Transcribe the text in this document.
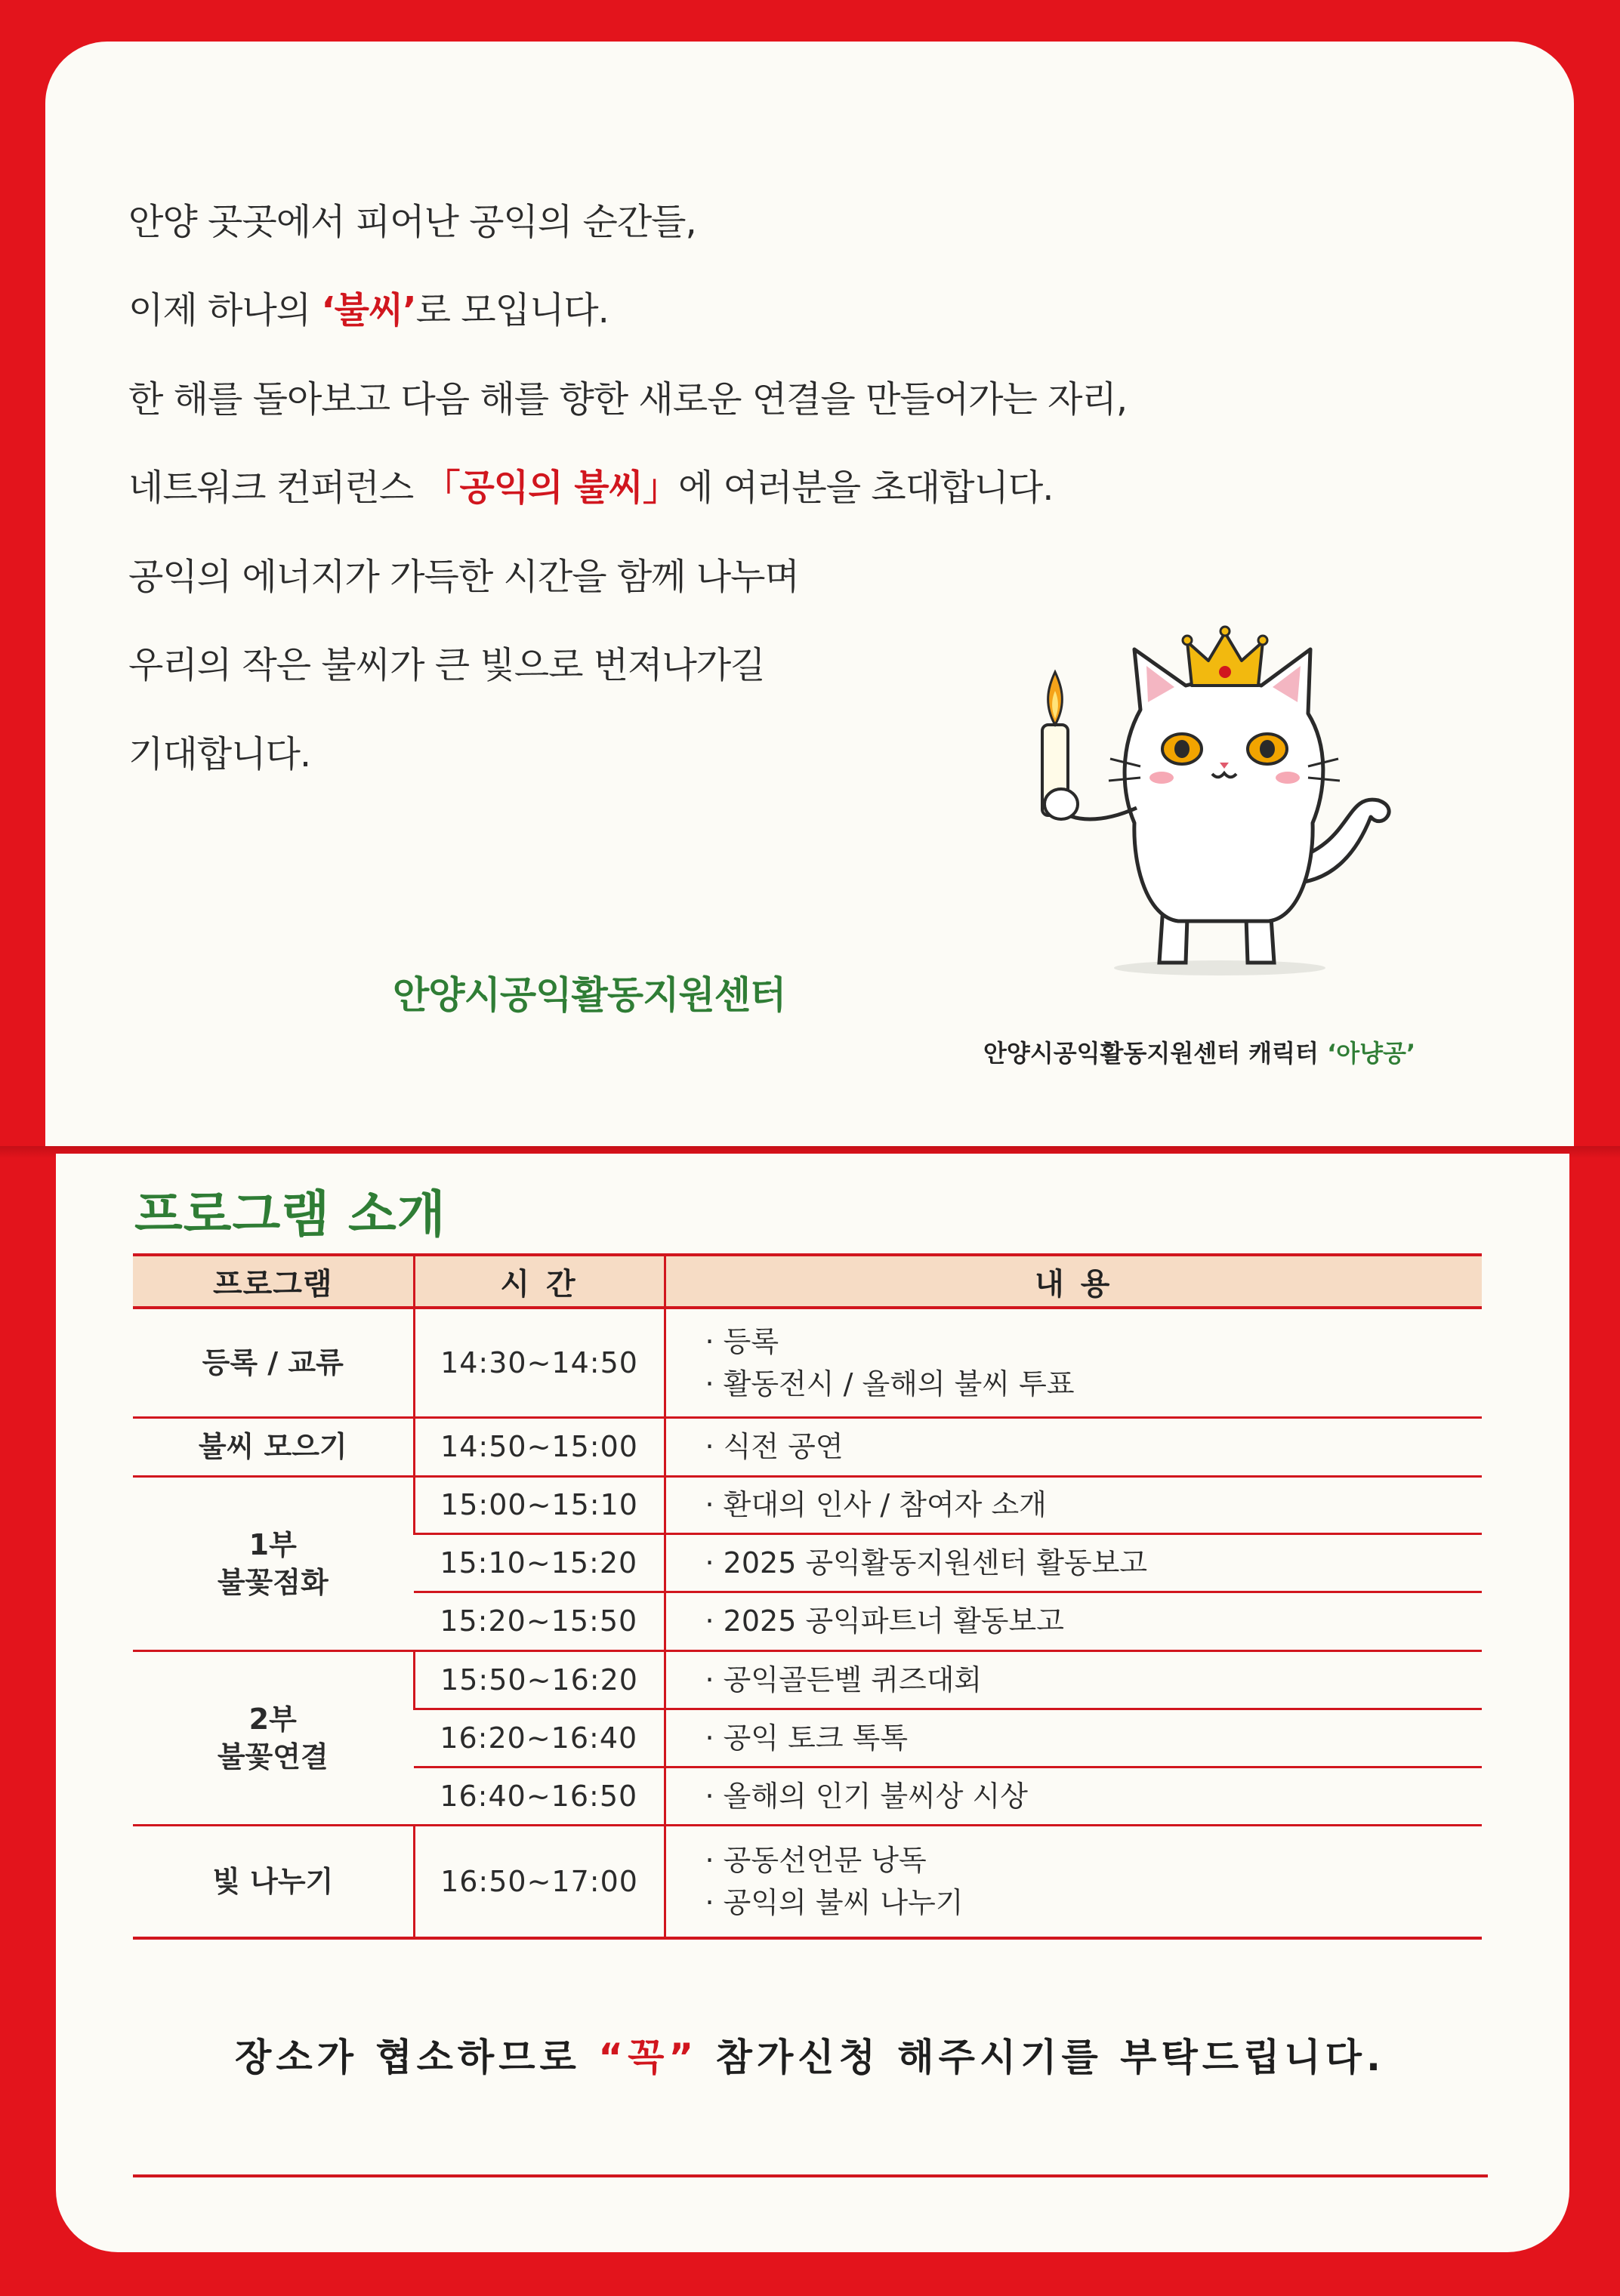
안양 곳곳에서 피어난 공익의 순간들,
이제 하나의 ‘불씨’로 모입니다.
한 해를 돌아보고 다음 해를 향한 새로운 연결을 만들어가는 자리,
네트워크 컨퍼런스 「공익의 불씨」에 여러분을 초대합니다.
공익의 에너지가 가득한 시간을 함께 나누며
우리의 작은 불씨가 큰 빛으로 번져나가길
기대합니다.
안양시공익활동지원센터
안양시공익활동지원센터 캐릭터 ‘아냥공’
프로그램 소개
프로그램	시 간	내 용
등록 / 교류	14:30~14:50	· 등록
· 활동전시 / 올해의 불씨 투표

불씨 모으기	14:50~15:00	· 식전 공연
1부
불꽃점화	15:00~15:10	· 환대의 인사 / 참여자 소개
	15:10~15:20	· 2025 공익활동지원센터 활동보고
	15:20~15:50	· 2025 공익파트너 활동보고
2부
불꽃연결	15:50~16:20	· 공익골든벨 퀴즈대회
	16:20~16:40	· 공익 토크 톡톡
	16:40~16:50	· 올해의 인기 불씨상 시상
빛 나누기	16:50~17:00	· 공동선언문 낭독
· 공익의 불씨 나누기
장소가 협소하므로 “꼭” 참가신청 해주시기를 부탁드립니다.
